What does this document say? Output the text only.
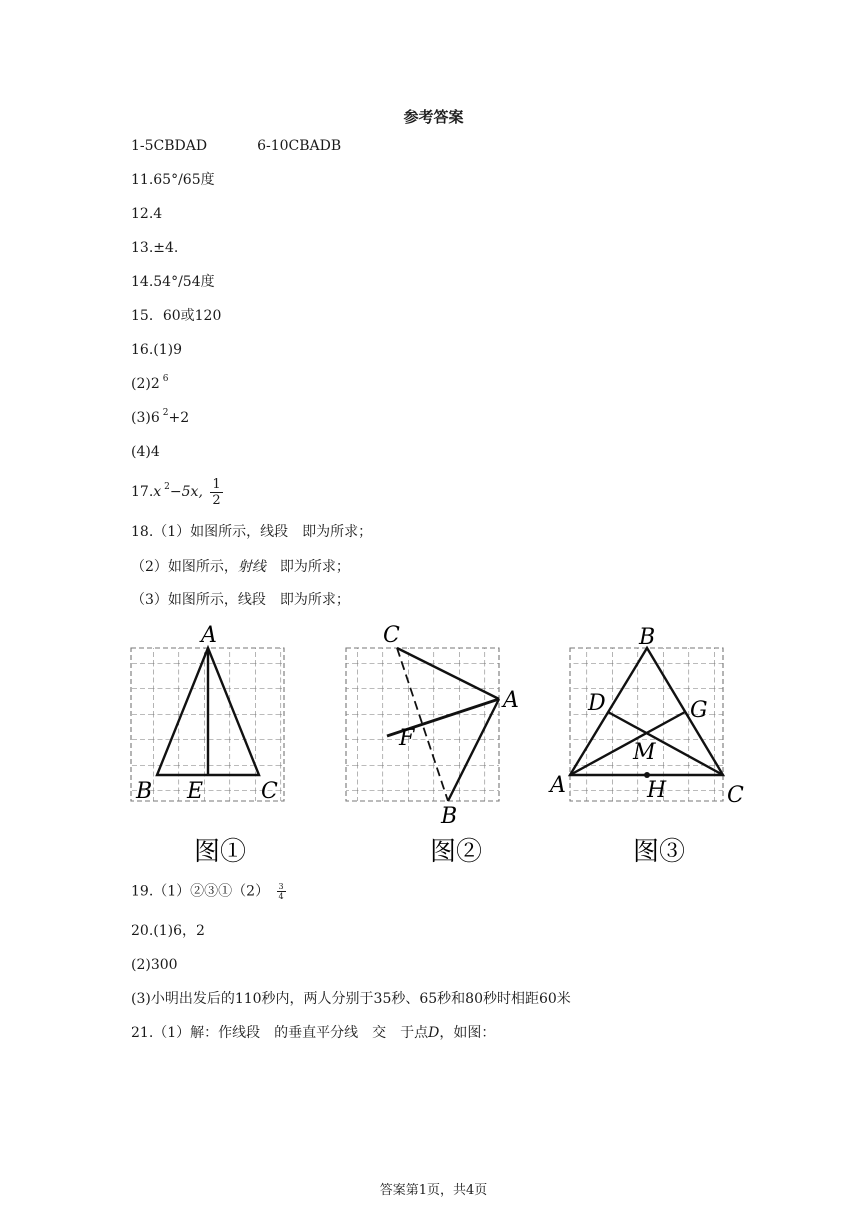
参考答案
1-5CBDAD	6-10CBADB
11.65°/65度
12.4
13.±4.
14.54°/54度
15．60或120
16.(1)9
(2)2 $^6$
(3)6 $^2$+2
(4)4
17.x $^2$−5x, $\frac{1}{2}$
18.（1）如图所示，线段　即为所求；
（2）如图所示，射线　即为所求；
（3）如图所示，线段　即为所求；
A
B E	C
图①
C
A
F
B
图②
B
D	G
M
A	H	C
图③
19.（1）②③①（2） $\frac{3}{4}$
20.(1)6，2
(2)300
(3)小明出发后的110秒内，两人分别于35秒、65秒和80秒时相距60米
21.（1）解：作线段　的垂直平分线　交　于点D，如图：
答案第1页，共4页
